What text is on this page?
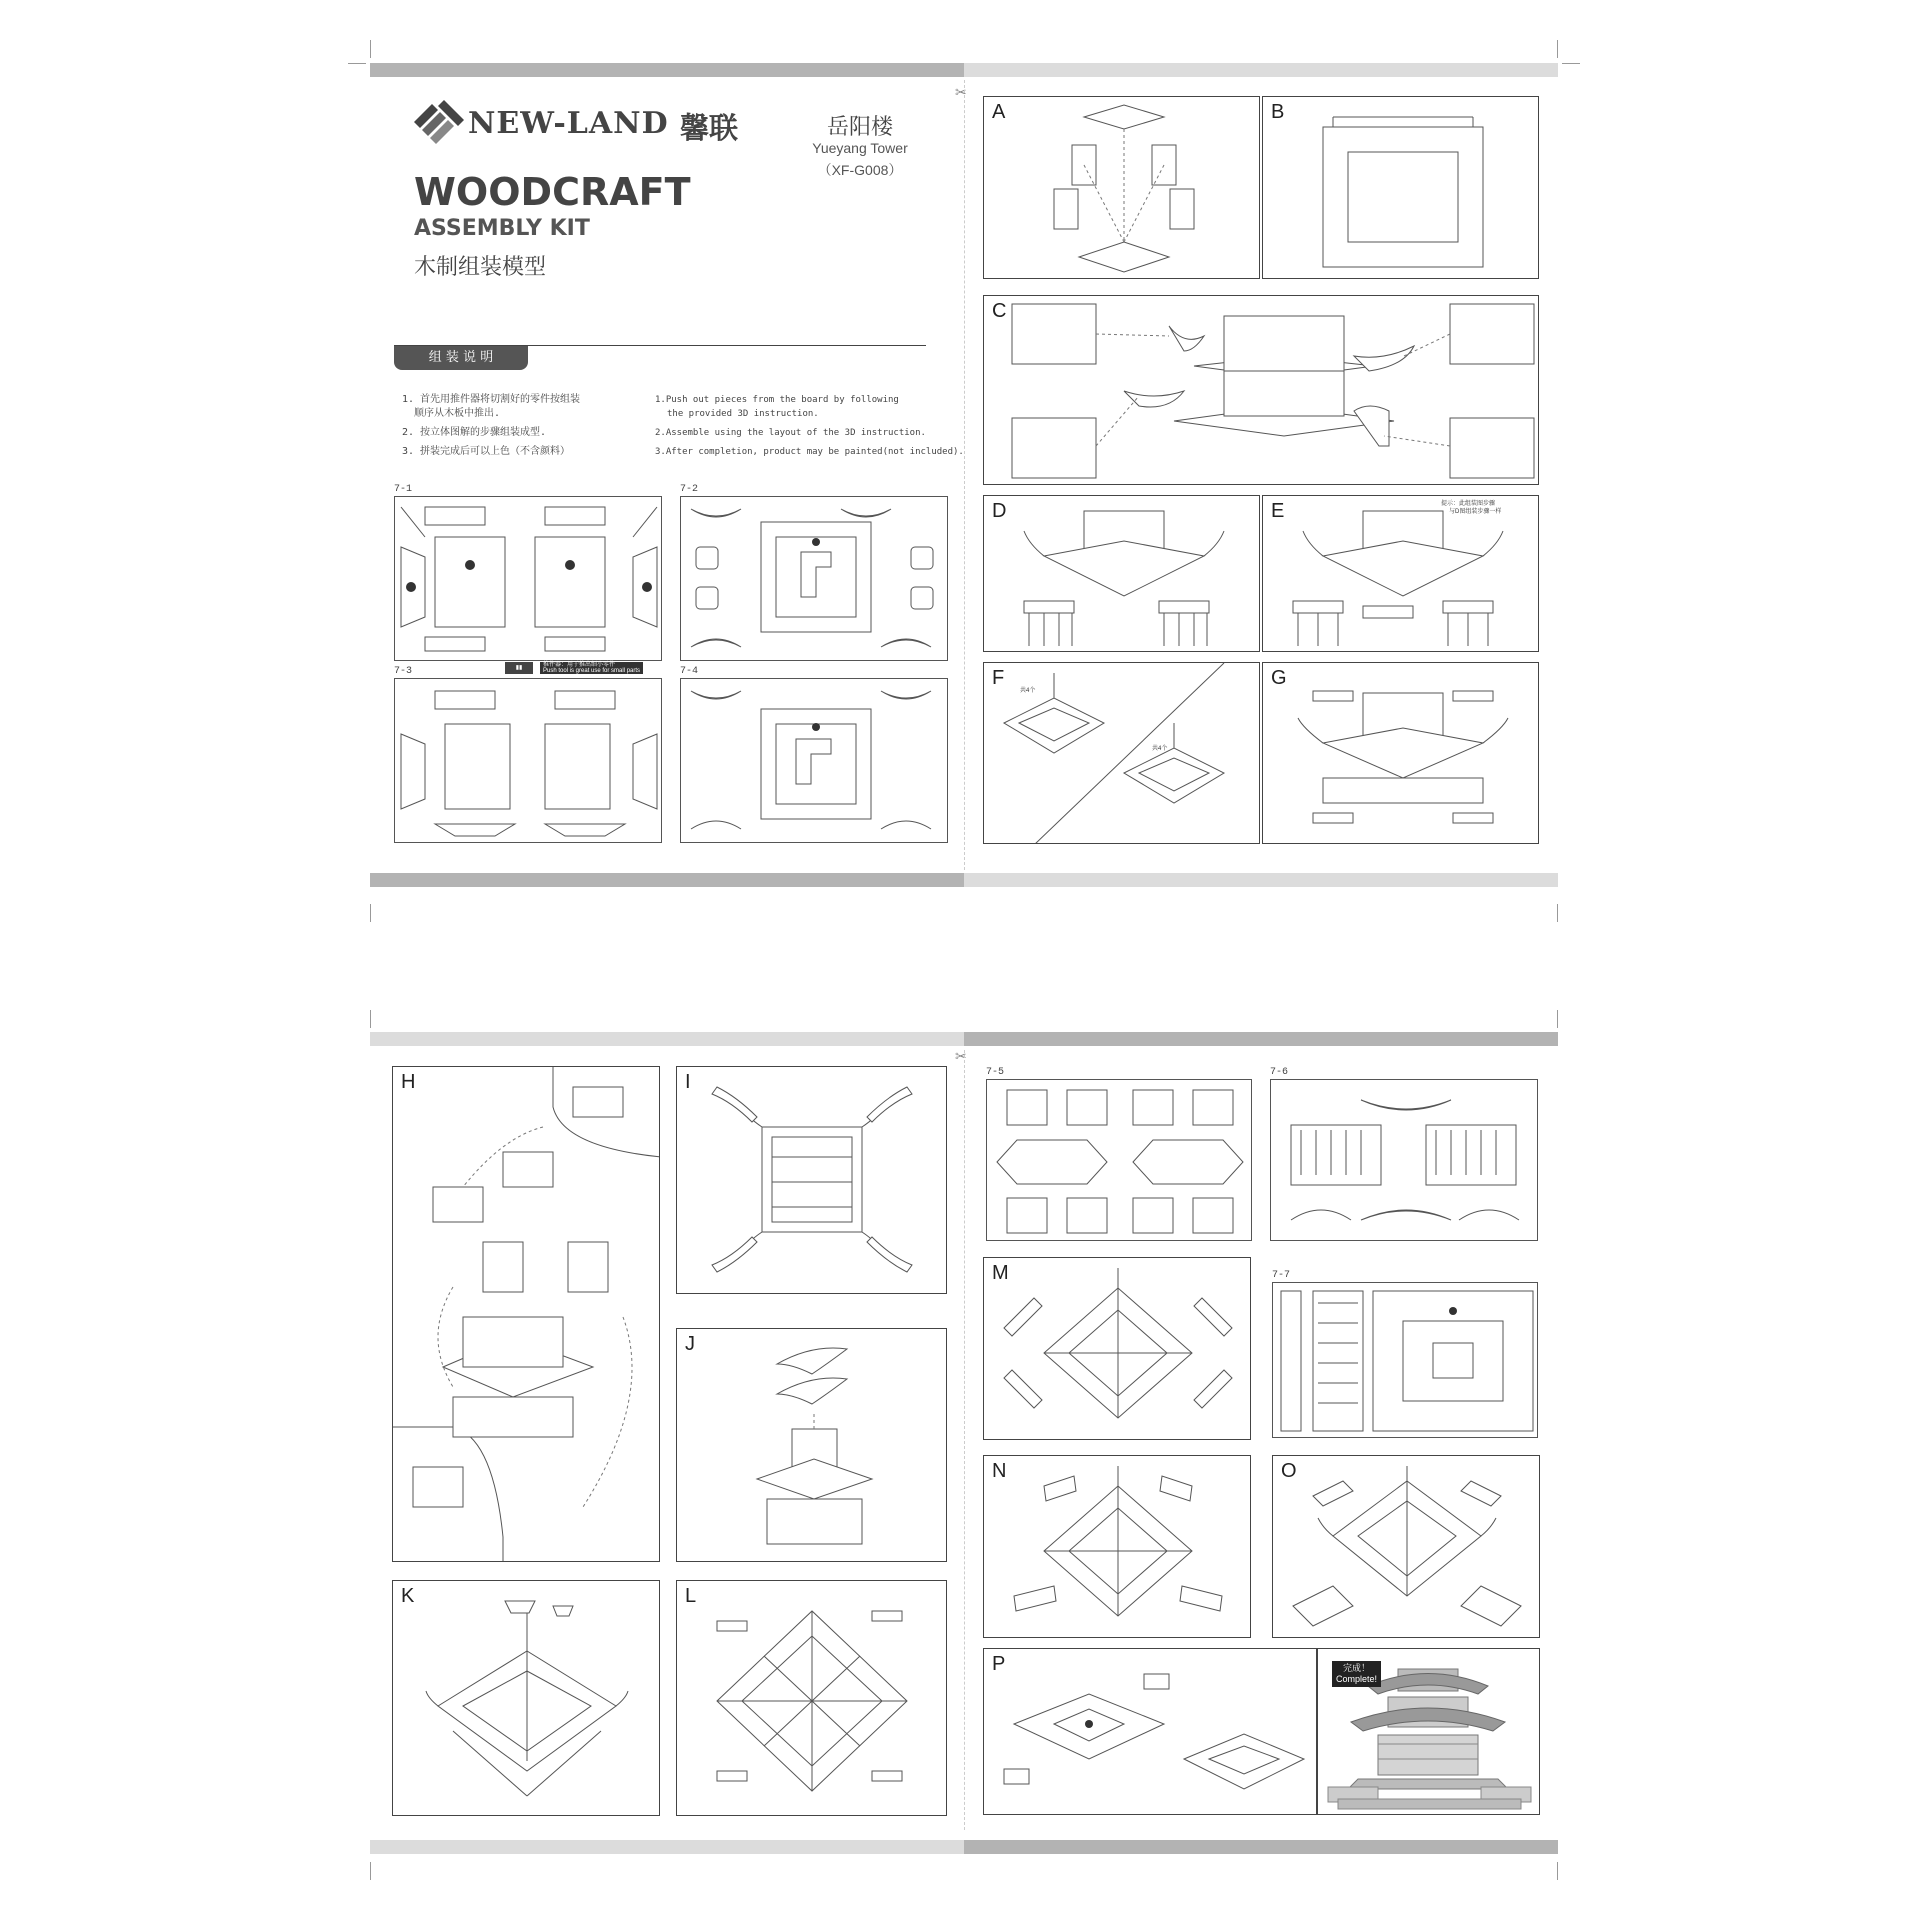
NEW-LAND 馨联	岳阳楼
Yueyang Tower
（XF-G008）
WOODCRAFT
ASSEMBLY KIT
木制组装模型
组 装 说 明
1. 首先用推件器将切割好的零件按组装
顺序从木板中推出.
2. 按立体图解的步骤组装成型.
3. 拼装完成后可以上色（不含颜料）
1.Push out pieces from the board by following
the provided 3D instruction.
2.Assemble using the layout of the 3D instruction.
3.After completion, product may be painted(not included).
✂
✂
7-1	7-2
7-3	▮▮	推件器：用于推出细小零件
Push tool is great use for small parts	7-4
A	B
C
D	E	提示：此组装图步骤
与D图组装步骤一样
F
共4个
共4个
G
H	I
J
K	L
7-5	7-6
M	7-7
N	O
P	完成！
Complete!
